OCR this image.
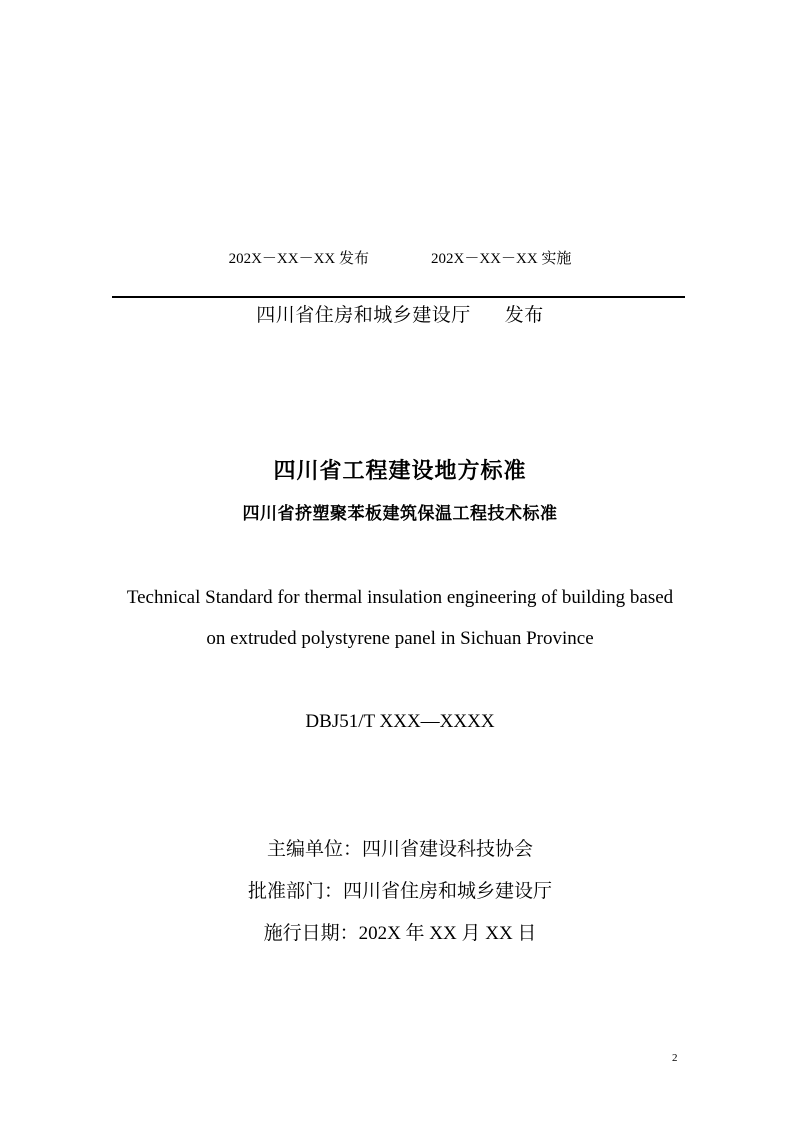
202X－XX－XX 发布	202X－XX－XX 实施
四川省住房和城乡建设厅 发布
四川省工程建设地方标准
四川省挤塑聚苯板建筑保温工程技术标准
Technical Standard for thermal insulation engineering of building based
on extruded polystyrene panel in Sichuan Province
DBJ51/T XXX—XXXX
主编单位：四川省建设科技协会
批准部门：四川省住房和城乡建设厅
施行日期：202X 年 XX 月 XX 日
2
